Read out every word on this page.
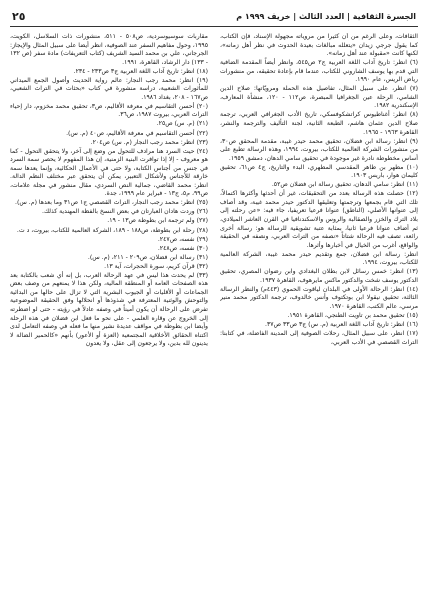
الجسرة الثقافية | العدد الثالث | خريف ١٩٩٩ م
٢٥

الثقافات، وعلى الرغم من أن كثيرا من مروياته مجهولة الإسناد، فإن الكتاب، كما يقول جرجي زيدان «يتعلله مبالغات بعيدة الحدوث في نظر أهل زمانه»، لكنها كانت «مقبولة عند أهل زمانه».

(٦) انظر: تاريخ آداب اللغة العربية ج٢ ص٥٤٥، وانظر أيضاً المقدمة الضافية التي قدم بها يوسف الشاروني للكتاب، عندما قام بإعادة تحقيقه، من منشورات رياض الريس، عام ١٩٩٠.

(٧) انظر، على سبيل المثال، تفاصيل هذه الحملة ومرويّاتها: صلاح الدين الشامي، الرحلة عين الجغرافيا المبصرة، ص١١٢ - ١٢٠، منشأة المعارف، الإسكندرية ١٩٨٢.

(٨) انظر: أغناطيوس كراتشكوفسكي، تاريخ الأدب الجغرافي العربي، ترجمة صلاح الدين عثمان هاشم، الطبعة الثانية، لجنة التأليف والترجمة والنشر، القاهرة ١٩٦٣ - ١٩٦٥.

(٩) انظر: رسالة ابن فضلان، تحقيق محمد حيدر غيبة، مقدمة المحقق ص٣٠، من منشورات الشركة العالمية للكتاب، بيروت، ١٩٩٤، وهذه الرسالة تطبع على أساس مخطوطة نادرة غير موجودة في تحقيق سامي الدهان، دمشق ١٩٥٩.

(١٠) مطهر بن طاهر المقدسي المطهري، البدء والتاريخ، ج٤ ص٦١، تحقيق كليمان هوار، باريس ١٩٠٣.

(١١) انظر: سامي الدهان، تحقيق رسالة ابن فضلان ص٥٢.

(١٢) حصلت هذه الرسالة بعدد من التحقيقات، غير أن أحدثها وأكثرها اكتمالاً، تلك التي قام بجمعها وترجمتها وتعليقها الدكتور حيدر محمد غيبة، وقد أصاف إلى عنوانها الأصلي، (الناطق) عنوانا فرعيا تعريفيا، جاء فيه: «عن رحلته إلى بلاد الترك والخزر والصقالبة والروس والاسكندنافيا في القرن العاشر الميلادي، ثم أضاف عنوانا فرعيا ثانيا، بمثابة عتبة تشويقية للرسالة هو: رسالة أخرى رائعة، تصف فيه الرحالة شتاتاً «نصفه من التراث العربي، ونصفه في الحقيقة والواقع، أغرب من الخيال في أخبارها وأثرها.

انظر: رسالة ابن فضلان، جمع وتقديم حيدر محمد غيبة، الشركة العالمية للكتاب، بيروت، ١٩٩٤.

(١٣) انظر: خمس رسائل لابن بطلان البغدادي وابن رضوان المصري، تحقيق الدكتور يوسف شخت والدكتور ماكس مايرهوف، القاهرة ١٩٣٧.

(١٤) انظر: الرحالة الأولى في البلدان لياقوت الحموي (٤٤٣م) والنظر الرسالة الثالثة، تحقيق نيقولا ابن بوتكتوف وأنس خالدوف، ترجمة الدكتور محمد منير مرسي، عالم الكتب، القاهرة ١٩٧٠.

(١٥) تحقيق محمد بن تاويت الطنجي، القاهرة ١٩٥١.

(١٦) انظر: تاريخ آداب اللغة العربية (م. س) ج٣ ص٣٣ ص٣٧.

(١٧) انظر، على سبيل المثال، رحلات الصوفية إلى المدينة الفاضلة، في كتابنا: التراث القصصي في الأدب العربي،

مقاربات سوسيوسردية، ص٥٠٨ - ٥١١، منشورات ذات السلاسل، الكويت، ١٩٩٥، وحول مفاهيم السفر عند الصوفية، انظر أيضا على سبيل المثال والإيجاز: الجرجاني، علي بن محمد السيد الشريف (كتاب التعريفات) مادة سفر (ص ١٣٢ - ١٣٣) دار الرشاد، القاهرة، ١٩٩١.

(١٨) انظر: تاريخ آداب اللغة العربية ج٣ ص٢٣٣ - ٢٣٤.

(١٩) انظر: محمد رجب النجار: عالم رواية الحديث وأصول الجمع الميداني للمأثورات الشعبية، دراسة منشورة في كتاب «بحثات في التراث الشعبي، ص١٦٧ - ٢٠٨، بغداد ١٩٨٦.

(٢٠) أحسن التقاسيم في معرفة الأقاليم، ص٣، تحقيق محمد مخزوم، دار إحياء التراث العربي، بيروت ١٩٨٧، ص٣٦.

(٢١) (م. س) ص٢٥.

(٢٢) أحسن التقاسيم في معرفة الأقاليم، ص٤٠ (م. س).

(٢٣) انظر: محمد رجب النجار (م. س) ص٢٠٤.

(٢٤) حيث السرد هنا مرادف للتحول من وضع إلى آخر، ولا يتحقق التحول - كما هو معروف - إلا إذا توافرت البنية الزمنية، إن هذا المفهوم لا يحصر سمة السرد في جنس من أجناس الكتابة، ولا حتى في الأعمال الحكائية، وإنما يعدها سمة خارقة للأجناس ولأشكال التعبير، يمكن أن يتحقق عبر مختلف النظم الدالة. انظر: محمد القاضي، جمالية النص السردي، مقال منشور في مجلة علامات، ص٩٩، م٥، ج١٣ - فبراير عام ١٩٩٩، جدة.

(٢٥) انظر: محمد رجب النجار، التراث القصصي ج١ ص٣١ وما بعدها (م. س).

(٢٦) وردت هادان العبارتان في بعض النسخ بالفظة المهندية كذلك.

(٢٧) ولم ترجمة ابن بطوطة ص١٣ - ١٩.

(٢٨) رحلة ابن بطوطة، ص١٨٨ - ١٨٩، الشركة العالمية للكتاب، بيروت، د ت.

(٢٩) نفسه، ص٢٤٧.

(٣٠) نفسه، ص٢٤٨.

(٣١) رسالة ابن فضلان، ص٢٠٩ - ٢١١، (م. س).

(٣٢) قرآن كريم، سورة الحجرات، آية ١٣.

(٣٣) لم يحدث هذا ليس في عهد الرحالة العرب، بل إنه أي شعب بالكتابة بعد هذه الصفحات العامة أو المنطقة المالية، ولكن هذا لا يمنعهم من وصف بعض الجماعات أو الأقليات أو الجيوب البشرية التي لا تزال على حالها من البدائية والتوحش والوثنية المعترفة في شذوذها أو انحلالها وفق الحقيقة الموضوعية تفرض على الرحالة أن يكون أميناً في وصفه عادلاً في رؤيته - حتى لو اضطرته إلى الخروج عن وقاره العلمي - على نحو ما فعل ابن فضلان في هذه الرحلة وأيضا ابن بطوطة في مواقف عديدة نشير منها ما فعله في وصفه التعامل لدى اكتناه الحقائق الأخلاقية المجتمعية (العزة أو الأعور) بأنهم «كالحمير الضالة لا يدينون لله بدين، ولا يرجعون إلى عقل، ولا يعدون
